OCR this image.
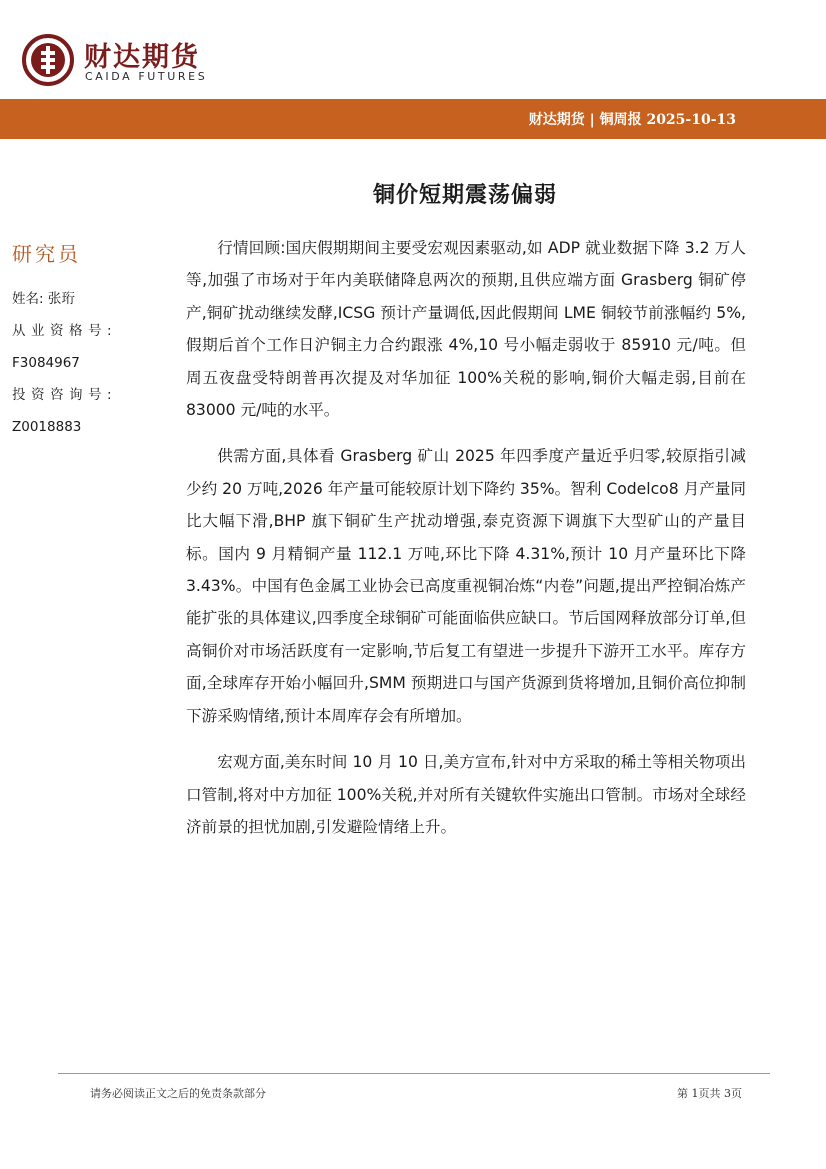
财达期货
CAIDA FUTURES
财达期货 | 铜周报 2025-10-13
铜价短期震荡偏弱
研究员
姓名: 张珩
从业资格号:
F3084967
投资咨询号:
Z0018883

行情回顾:国庆假期期间主要受宏观因素驱动,如 ADP 就业数据下降 3.2 万人等,加强了市场对于年内美联储降息两次的预期,且供应端方面 Grasberg 铜矿停产,铜矿扰动继续发酵,ICSG 预计产量调低,因此假期间 LME 铜较节前涨幅约 5%,假期后首个工作日沪铜主力合约跟涨 4%,10 号小幅走弱收于 85910 元/吨。但周五夜盘受特朗普再次提及对华加征 100%关税的影响,铜价大幅走弱,目前在 83000 元/吨的水平。

供需方面,具体看 Grasberg 矿山 2025 年四季度产量近乎归零,较原指引减少约 20 万吨,2026 年产量可能较原计划下降约 35%。智利 Codelco8 月产量同比大幅下滑,BHP 旗下铜矿生产扰动增强,泰克资源下调旗下大型矿山的产量目标。国内 9 月精铜产量 112.1 万吨,环比下降 4.31%,预计 10 月产量环比下降 3.43%。中国有色金属工业协会已高度重视铜冶炼“内卷”问题,提出严控铜冶炼产能扩张的具体建议,四季度全球铜矿可能面临供应缺口。节后国网释放部分订单,但高铜价对市场活跃度有一定影响,节后复工有望进一步提升下游开工水平。库存方面,全球库存开始小幅回升,SMM 预期进口与国产货源到货将增加,且铜价高位抑制下游采购情绪,预计本周库存会有所增加。

宏观方面,美东时间 10 月 10 日,美方宣布,针对中方采取的稀土等相关物项出口管制,将对中方加征 100%关税,并对所有关键软件实施出口管制。市场对全球经济前景的担忧加剧,引发避险情绪上升。

请务必阅读正文之后的免责条款部分	第 1页共 3页
